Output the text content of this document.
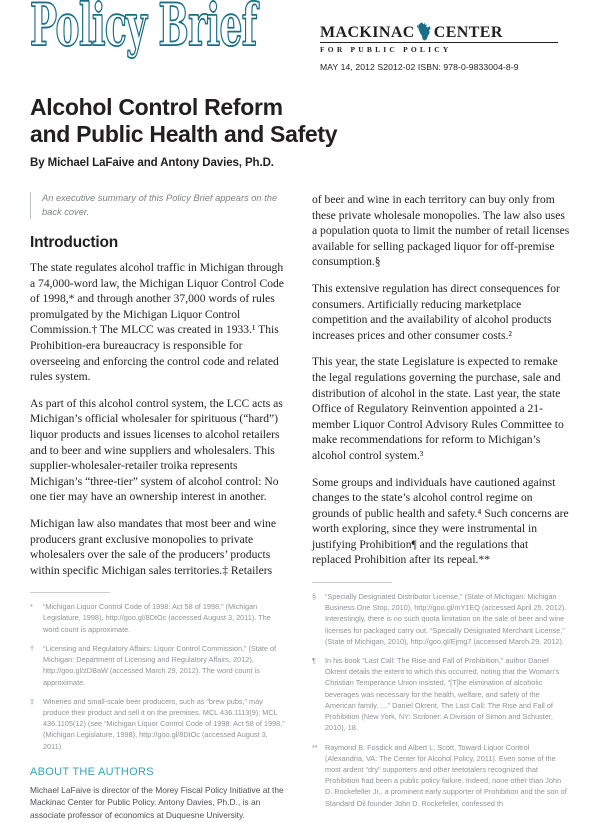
Policy Brief	MACKINAC CENTER
FOR PUBLIC POLICY
MAY 14, 2012 S2012-02 ISBN: 978-0-9833004-8-9
Alcohol Control Reform
and Public Health and Safety
By Michael LaFaive and Antony Davies, Ph.D.
An executive summary of this Policy Brief appears on the back cover.
Introduction

The state regulates alcohol traffic in Michigan through a 74,000-word law, the Michigan Liquor Control Code of 1998,* and through another 37,000 words of rules promulgated by the Michigan Liquor Control Commission.† The MLCC was created in 1933.¹ This Prohibition-era bureaucracy is responsible for overseeing and enforcing the control code and related rules system.

As part of this alcohol control system, the LCC acts as Michigan’s official wholesaler for spirituous (“hard”) liquor products and issues licenses to alcohol retailers and to beer and wine suppliers and wholesalers. This supplier-wholesaler-retailer troika represents Michigan’s “three-tier” system of alcohol control: No one tier may have an ownership interest in another.

Michigan law also mandates that most beer and wine producers grant exclusive monopolies to private wholesalers over the sale of the producers’ products within specific Michigan sales territories.‡ Retailers

* “Michigan Liquor Control Code of 1998: Act 58 of 1998,” (Michigan Legislature, 1998), http://goo.gl/8DtOc (accessed August 3, 2011). The word count is approximate.

† “Licensing and Regulatory Affairs: Liquor Control Commission,” (State of Michigan: Department of Licensing and Regulatory Affairs, 2012), http://goo.gl/zDBaW (accessed March 29, 2012). The word count is approximate.

‡ Wineries and small-scale beer producers, such as “brew pubs,” may produce their product and sell it on the premises. MCL 436.1113(9); MCL 436.1105(12) (see “Michigan Liquor Control Code of 1998: Act 58 of 1998,” (Michigan Legislature, 1998), http://goo.gl/8DtOc (accessed August 3, 2011).

ABOUT THE AUTHORS

Michael LaFaive is director of the Morey Fiscal Policy Initiative at the Mackinac Center for Public Policy. Antony Davies, Ph.D., is an associate professor of economics at Duquesne University.

of beer and wine in each territory can buy only from these private wholesale monopolies. The law also uses a population quota to limit the number of retail licenses available for selling packaged liquor for off-premise consumption.§

This extensive regulation has direct consequences for consumers. Artificially reducing marketplace competition and the availability of alcohol products increases prices and other consumer costs.²

This year, the state Legislature is expected to remake the legal regulations governing the purchase, sale and distribution of alcohol in the state. Last year, the state Office of Regulatory Reinvention appointed a 21-member Liquor Control Advisory Rules Committee to make recommendations for reform to Michigan’s alcohol control system.³

Some groups and individuals have cautioned against changes to the state’s alcohol control regime on grounds of public health and safety.⁴ Such concerns are worth exploring, since they were instrumental in justifying Prohibition¶ and the regulations that replaced Prohibition after its repeal.**

§ “Specially Designated Distributor License,” (State of Michigan: Michigan Business One Stop, 2010), http://goo.gl/mY1EQ (accessed April 25, 2012). Interestingly, there is no such quota limitation on the sale of beer and wine licenses for packaged carry out. “Specially Designated Merchant License,” (State of Michigan, 2010), http://goo.gl/Ejmg7 (accessed March 29, 2012).

¶ In his book “Last Call: The Rise and Fall of Prohibition,” author Daniel Okrent details the extent to which this occurred, noting that the Woman’s Christian Temperance Union insisted, “[T]he elimination of alcoholic beverages was necessary for the health, welfare, and safety of the American family. …” Daniel Okrent, The Last Call: The Rise and Fall of Prohibition (New York, NY: Scribner: A Division of Simon and Schuster, 2010), 18.

** Raymond B. Fosdick and Albert L. Scott, Toward Liquor Control (Alexandria, VA: The Center for Alcohol Policy, 2011). Even some of the most ardent “dry” supporters and other teetotalers recognized that Prohibition had been a public policy failure. Indeed, none other than John D. Rockefeller Jr., a prominent early supporter of Prohibition and the son of Standard Oil founder John D. Rockefeller, confessed th
